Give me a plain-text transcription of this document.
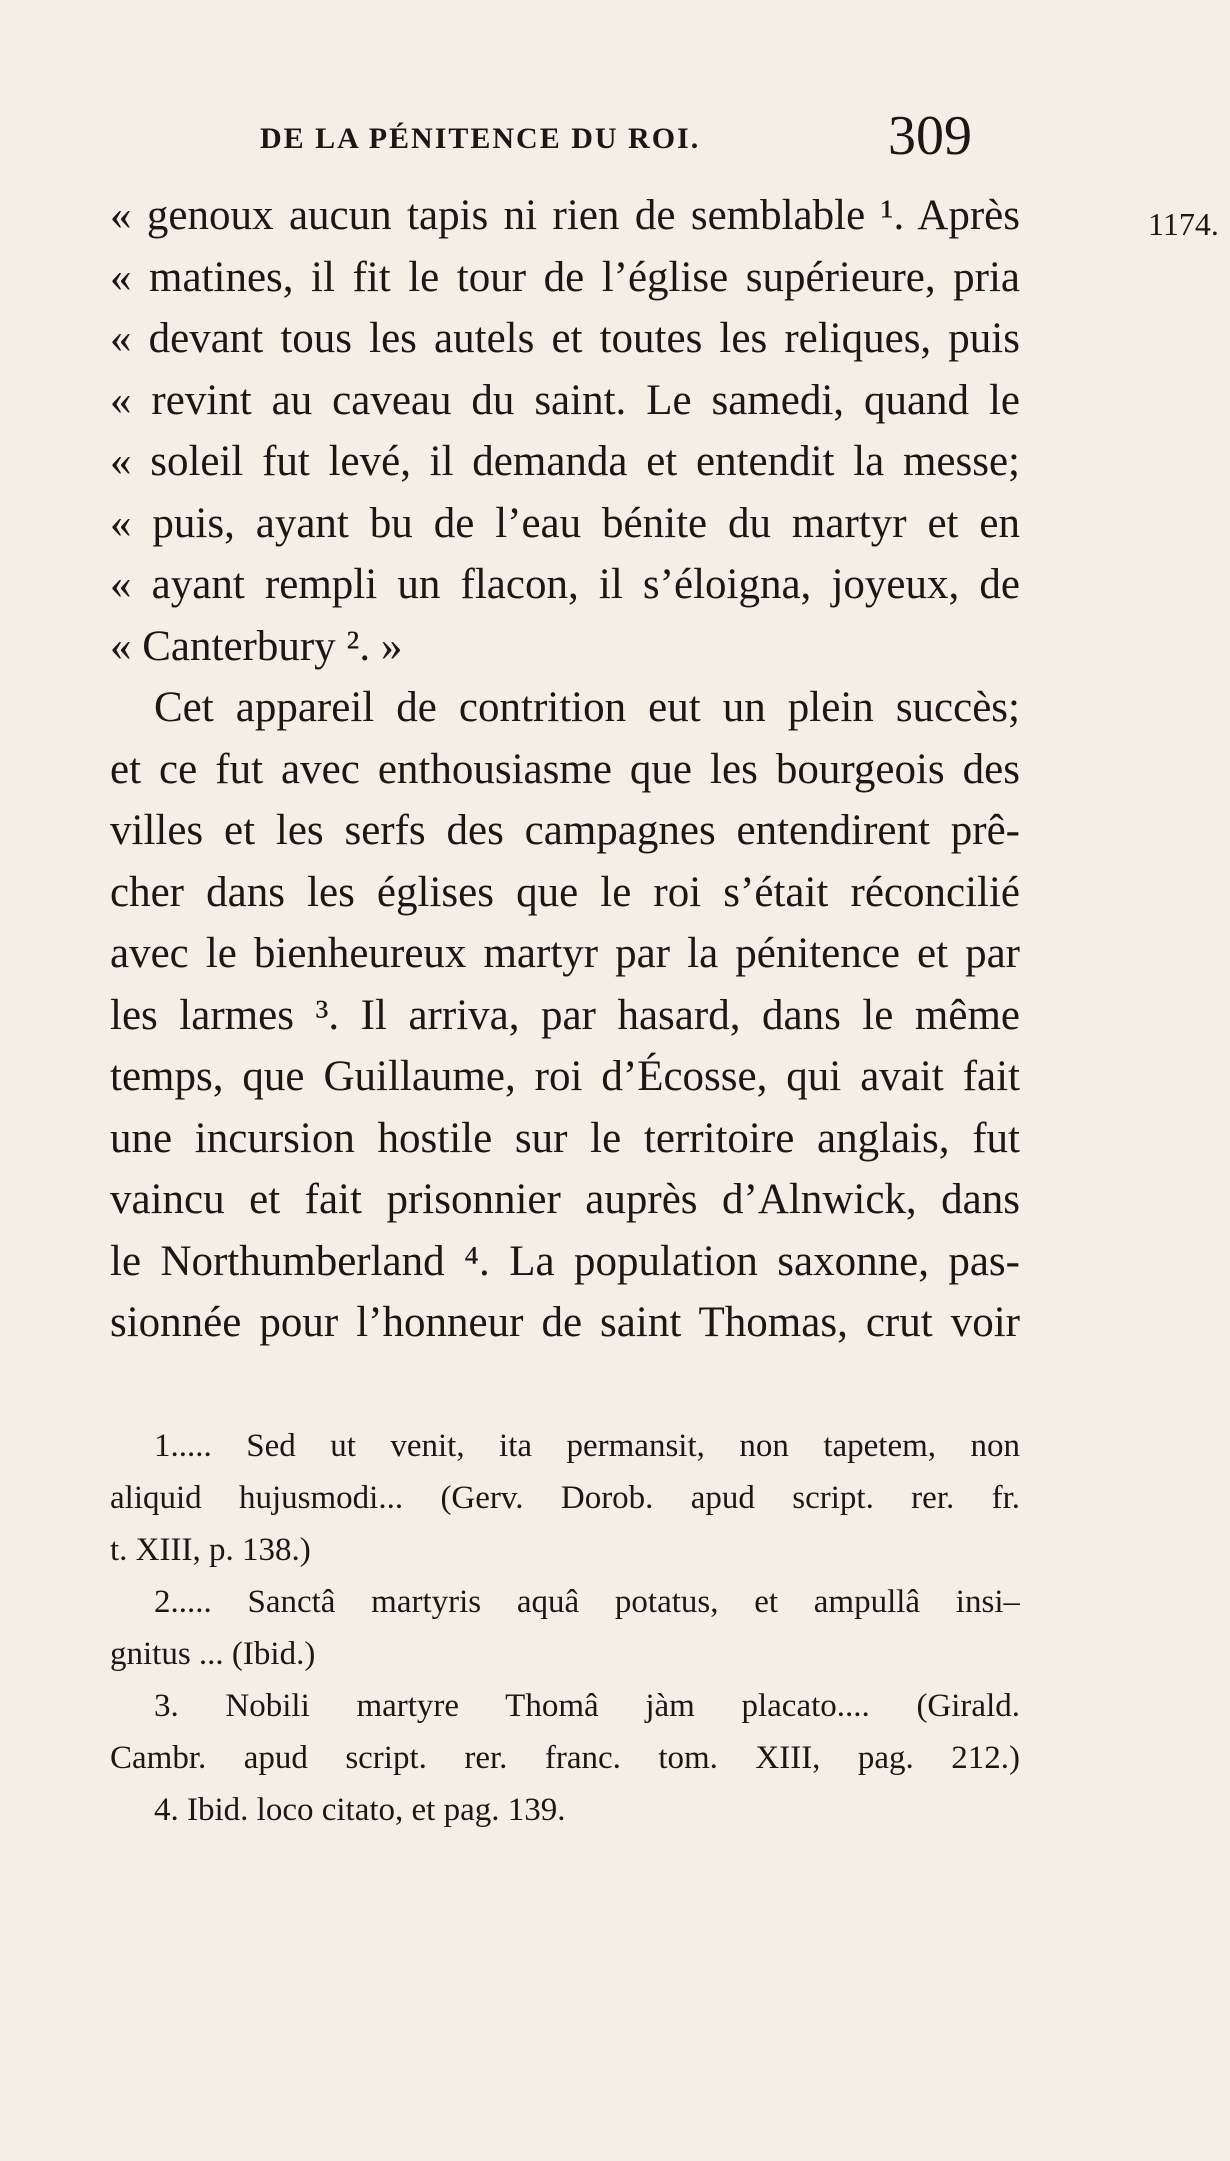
DE LA PÉNITENCE DU ROI.	309
1174.
« genoux aucun tapis ni rien de semblable ¹. Après
« matines, il fit le tour de l’église supérieure, pria
« devant tous les autels et toutes les reliques, puis
« revint au caveau du saint. Le samedi, quand le
« soleil fut levé, il demanda et entendit la messe;
« puis, ayant bu de l’eau bénite du martyr et en
« ayant rempli un flacon, il s’éloigna, joyeux, de
« Canterbury ². »
Cet appareil de contrition eut un plein succès;
et ce fut avec enthousiasme que les bourgeois des
villes et les serfs des campagnes entendirent prê-
cher dans les églises que le roi s’était réconcilié
avec le bienheureux martyr par la pénitence et par
les larmes ³. Il arriva, par hasard, dans le même
temps, que Guillaume, roi d’Écosse, qui avait fait
une incursion hostile sur le territoire anglais, fut
vaincu et fait prisonnier auprès d’Alnwick, dans
le Northumberland ⁴. La population saxonne, pas-
sionnée pour l’honneur de saint Thomas, crut voir
1..... Sed ut venit, ita permansit, non tapetem, non
aliquid hujusmodi... (Gerv. Dorob. apud script. rer. fr.
t. XIII, p. 138.)
2..... Sanctâ martyris aquâ potatus, et ampullâ insi–
gnitus ... (Ibid.)
3. Nobili martyre Thomâ jàm placato.... (Girald.
Cambr. apud script. rer. franc. tom. XIII, pag. 212.)
4. Ibid. loco citato, et pag. 139.
